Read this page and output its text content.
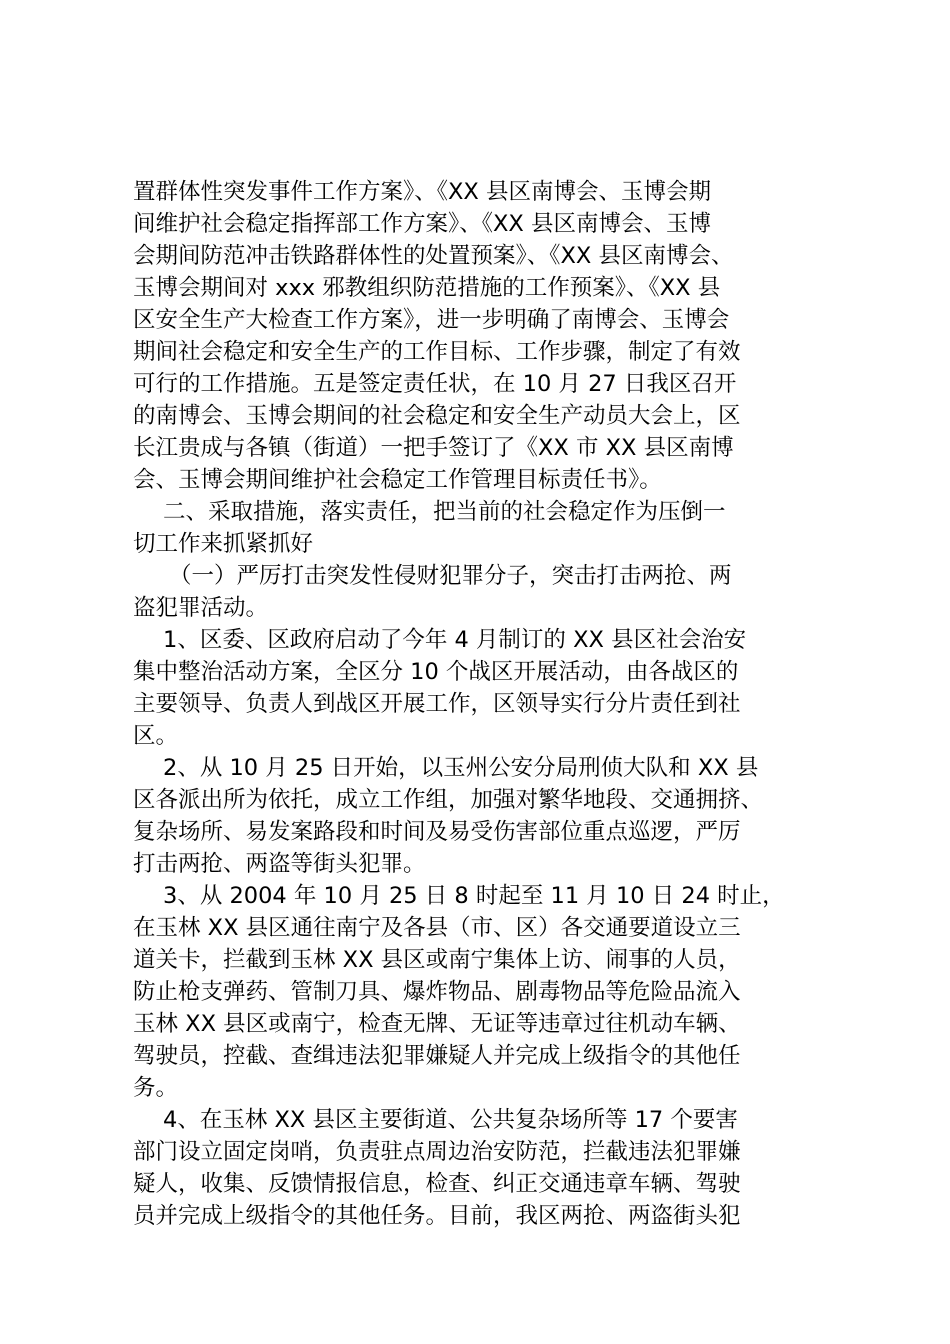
置群体性突发事件工作方案》、《XX 县区南博会、玉博会期
间维护社会稳定指挥部工作方案》、《XX 县区南博会、玉博
会期间防范冲击铁路群体性的处置预案》、《XX 县区南博会、
玉博会期间对 xxx 邪教组织防范措施的工作预案》、《XX 县
区安全生产大检查工作方案》，进一步明确了南博会、玉博会
期间社会稳定和安全生产的工作目标、工作步骤，制定了有效
可行的工作措施。五是签定责任状，在 10 月 27 日我区召开
的南博会、玉博会期间的社会稳定和安全生产动员大会上，区
长江贵成与各镇（街道）一把手签订了《XX 市 XX 县区南博
会、玉博会期间维护社会稳定工作管理目标责任书》。
二、采取措施，落实责任，把当前的社会稳定作为压倒一
切工作来抓紧抓好
（一）严厉打击突发性侵财犯罪分子，突击打击两抢、两
盗犯罪活动。
1、区委、区政府启动了今年 4 月制订的 XX 县区社会治安
集中整治活动方案，全区分 10 个战区开展活动，由各战区的
主要领导、负责人到战区开展工作，区领导实行分片责任到社
区。
2、从 10 月 25 日开始，以玉州公安分局刑侦大队和 XX 县
区各派出所为依托，成立工作组，加强对繁华地段、交通拥挤、
复杂场所、易发案路段和时间及易受伤害部位重点巡逻，严厉
打击两抢、两盗等街头犯罪。
3、从 2004 年 10 月 25 日 8 时起至 11 月 10 日 24 时止，
在玉林 XX 县区通往南宁及各县（市、区）各交通要道设立三
道关卡，拦截到玉林 XX 县区或南宁集体上访、闹事的人员，
防止枪支弹药、管制刀具、爆炸物品、剧毒物品等危险品流入
玉林 XX 县区或南宁，检查无牌、无证等违章过往机动车辆、
驾驶员，控截、查缉违法犯罪嫌疑人并完成上级指令的其他任
务。
4、在玉林 XX 县区主要街道、公共复杂场所等 17 个要害
部门设立固定岗哨，负责驻点周边治安防范，拦截违法犯罪嫌
疑人，收集、反馈情报信息，检查、纠正交通违章车辆、驾驶
员并完成上级指令的其他任务。目前，我区两抢、两盗街头犯
